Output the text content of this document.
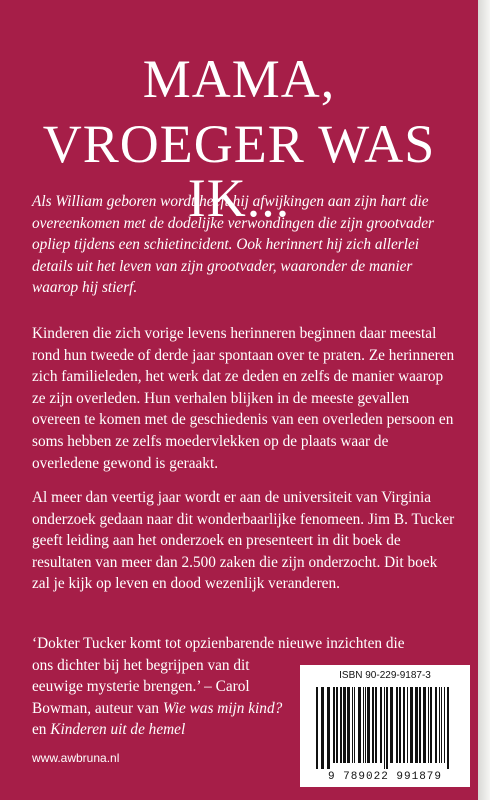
MAMA,
VROEGER WAS IK...

Als William geboren wordt heeft hij afwijkingen aan zijn hart die overeenkomen met de dodelijke verwondingen die zijn grootvader opliep tijdens een schietincident. Ook herinnert hij zich allerlei details uit het leven van zijn grootvader, waaronder de manier waarop hij stierf.

Kinderen die zich vorige levens herinneren beginnen daar meestal rond hun tweede of derde jaar spontaan over te praten. Ze herinneren zich familieleden, het werk dat ze deden en zelfs de manier waarop ze zijn overleden. Hun verhalen blijken in de meeste gevallen overeen te komen met de geschiedenis van een overleden persoon en soms hebben ze zelfs moedervlekken op de plaats waar de overledene gewond is geraakt.

Al meer dan veertig jaar wordt er aan de universiteit van Virginia onderzoek gedaan naar dit wonderbaarlijke fenomeen. Jim B. Tucker geeft leiding aan het onderzoek en presenteert in dit boek de resultaten van meer dan 2.500 zaken die zijn onderzocht. Dit boek zal je kijk op leven en dood wezenlijk veranderen.

‘Dokter Tucker komt tot opzienbarende nieuwe inzichten die
ons dichter bij het begrijpen van dit eeuwige mysterie brengen.’ – Carol Bowman, auteur van Wie was mijn kind? en Kinderen uit de hemel

www.awbruna.nl
ISBN 90-229-9187-3
9 789022 991879
